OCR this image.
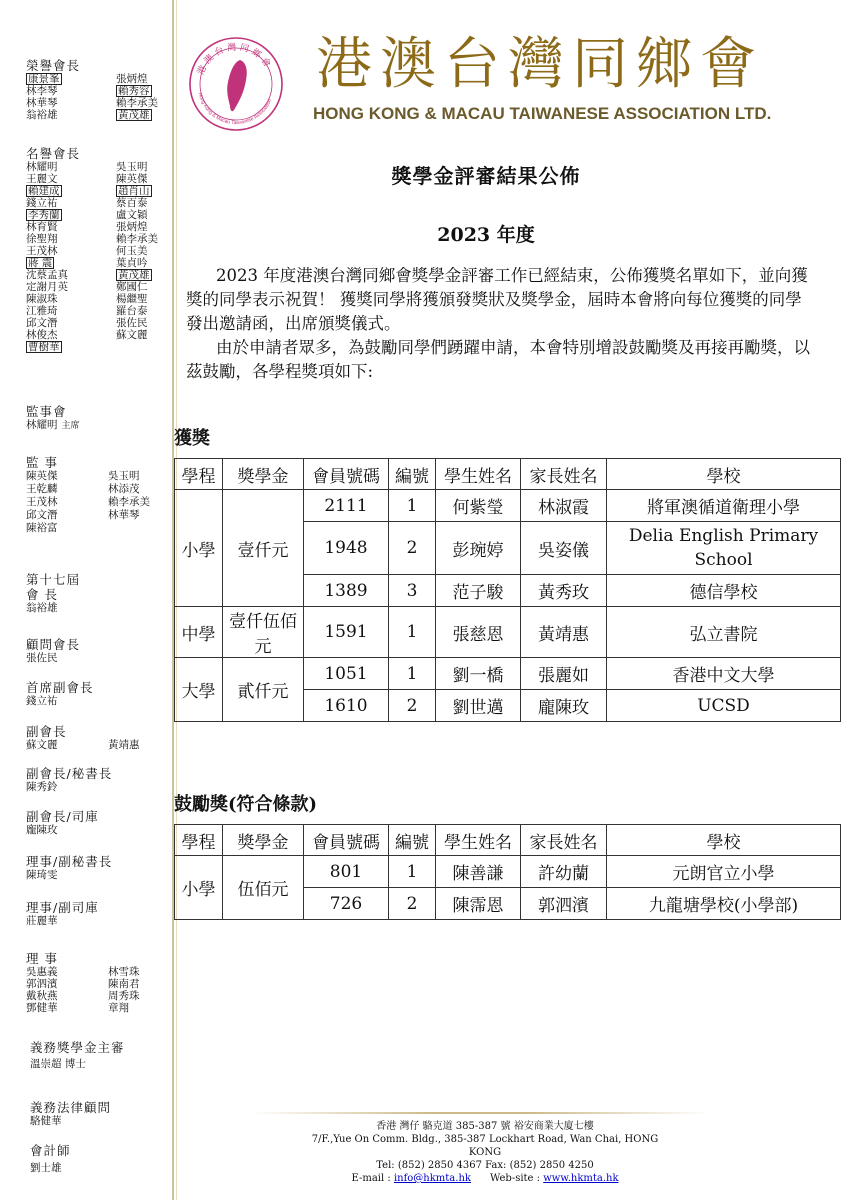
榮譽會長
康景峯	張炳煌
林李琴	賴秀容
林華琴	賴李承美
翁裕雄	黃茂雄
名譽會長
林耀明	吳玉明
王麗文	陳英傑
賴建成	趙肖山
錢立祐	蔡百泰
李秀蘭	盧文穎
林育賢	張炳煌
徐聖翔	賴李承美
王茂林	何玉美
蔣 震	葉貞吟
沈蔡孟真	黃茂雄
定謝月英	鄭國仁
陳淑珠	楊繼聖
江雅琦	羅台泰
邱文潛	張佐民
林俊杰	蘇文麗
曹樹華
監事會
林耀明 主席
監 事
陳英傑	吳玉明
王乾麟	林添茂
王茂林	賴李承美
邱文潛	林華琴
陳裕富
第十七屆
會 長
翁裕雄
顧問會長
張佐民
首席副會長
錢立祐
副會長
蘇文麗	黃靖惠
副會長/秘書長
陳秀鈴
副會長/司庫
龐陳玫
理事/副秘書長
陳琦雯
理事/副司庫
莊麗華
理 事
吳惠義	林雪珠
郭泗濱	陳南君
戴秋燕	周秀珠
鄧健華	章翔
義務獎學金主審
溫崇超 博士
義務法律顧問
駱健華
會計師
劉士雄
港澳台灣同鄉會
Hong Kong & Macau Taiwanese Association
港澳台灣同鄉會
HONG KONG & MACAU TAIWANESE ASSOCIATION LTD.
獎學金評審結果公佈
2023 年度
2023 年度港澳台灣同鄉會獎學金評審工作已經結束，公佈獲獎名單如下，並向獲獎的同學表示祝賀！ 獲獎同學將獲頒發獎狀及獎學金，屆時本會將向每位獲獎的同學發出邀請函，出席頒獎儀式。
由於申請者眾多，為鼓勵同學們踴躍申請，本會特別增設鼓勵獎及再接再勵獎，以茲鼓勵，各學程獎項如下:
獲獎
學程	獎學金	會員號碼	編號	學生姓名	家長姓名	學校
小學	壹仟元	2111	1	何紫瑩	林淑霞	將軍澳循道衛理小學
		1948	2	彭琬婷	吳姿儀	Delia English Primary School
		1389	3	范子駿	黃秀玫	德信學校
中學	壹仟伍佰元	1591	1	張慈恩	黃靖惠	弘立書院
大學	貳仟元	1051	1	劉一橋	張麗如	香港中文大學
		1610	2	劉世邁	龐陳玫	UCSD
鼓勵獎(符合條款)
學程	獎學金	會員號碼	編號	學生姓名	家長姓名	學校
小學	伍佰元	801	1	陳善謙	許幼蘭	元朗官立小學
		726	2	陳霈恩	郭泗濱	九龍塘學校(小學部)
香港 灣仔 駱克道 385-387 號 裕安商業大廈七樓
7/F.,Yue On Comm. Bldg., 385-387 Lockhart Road, Wan Chai, HONG KONG
Tel: (852) 2850 4367 Fax: (852) 2850 4250
E-mail : info@hkmta.hk Web-site : www.hkmta.hk
